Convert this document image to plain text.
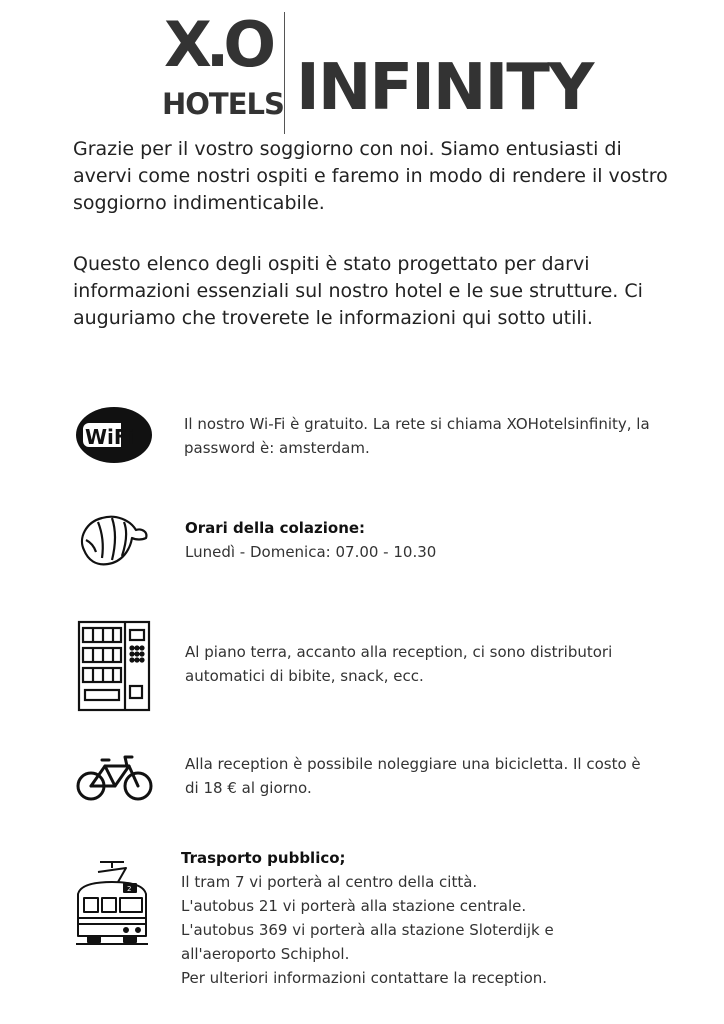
X.O
HOTELS INFINITY

Grazie per il vostro soggiorno con noi. Siamo entusiasti di avervi come nostri ospiti e faremo in modo di rendere il vostro soggiorno indimenticabile.

Questo elenco degli ospiti è stato progettato per darvi informazioni essenziali sul nostro hotel e le sue strutture. Ci auguriamo che troverete le informazioni qui sotto utili.

WiFi
Il nostro Wi-Fi è gratuito. La rete si chiama XOHotelsinfinity, la password è: amsterdam.
Orari della colazione:
Lunedì - Domenica: 07.00 - 10.30
Al piano terra, accanto alla reception, ci sono distributori automatici di bibite, snack, ecc.
Alla reception è possibile noleggiare una bicicletta. Il costo è di 18 € al giorno.
2
Trasporto pubblico;
Il tram 7 vi porterà al centro della città.
L'autobus 21 vi porterà alla stazione centrale.
L'autobus 369 vi porterà alla stazione Sloterdijk e all'aeroporto Schiphol.
Per ulteriori informazioni contattare la reception.
